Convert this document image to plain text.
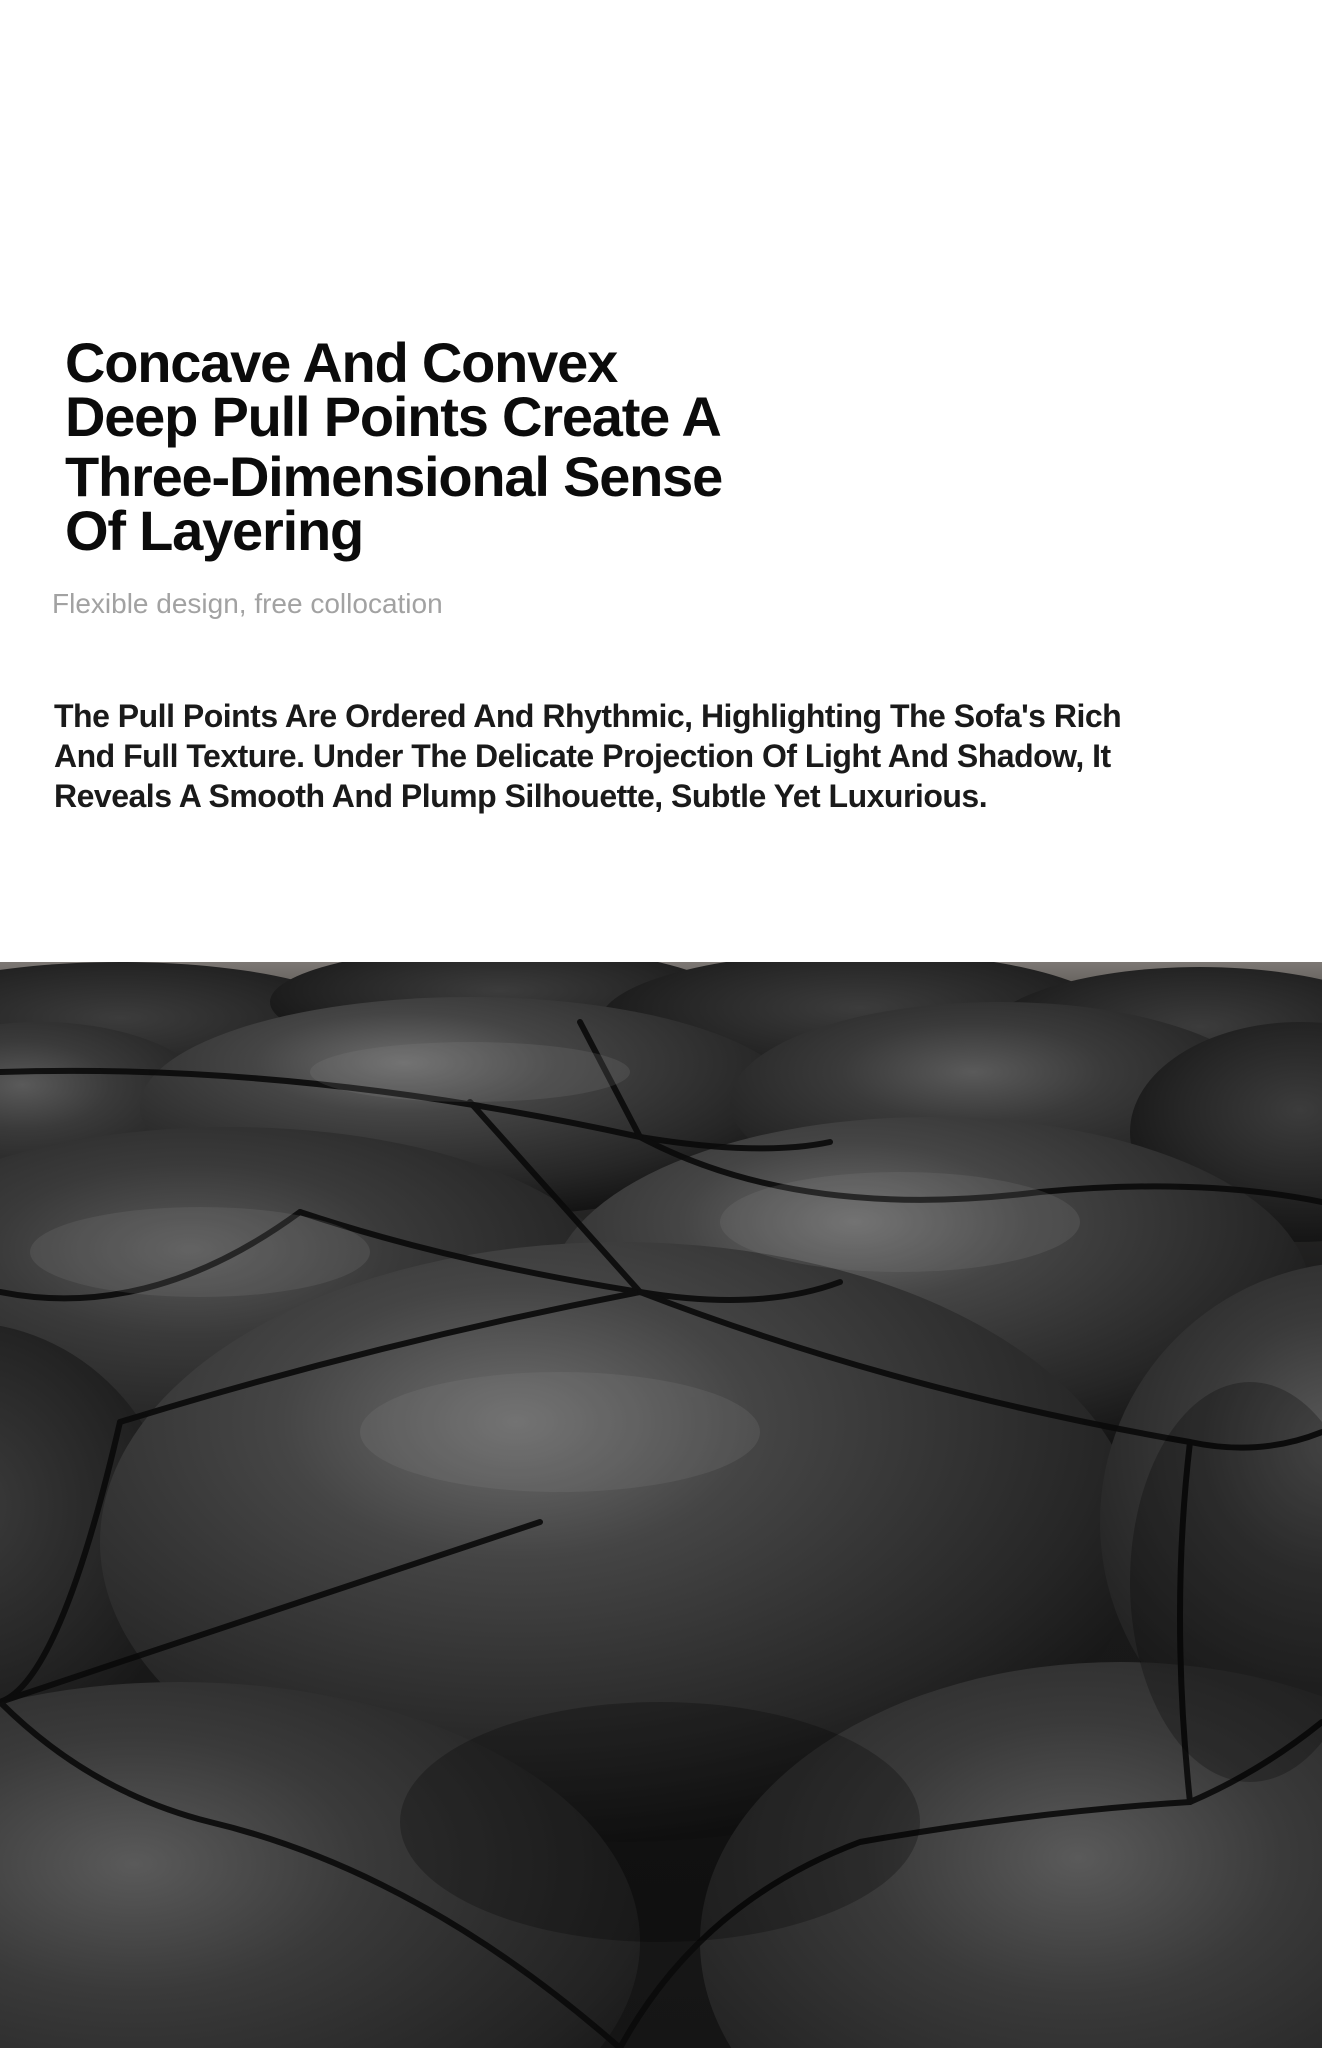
Concave And Convex
Deep Pull Points Create A
Three-Dimensional Sense
Of Layering
Flexible design, free collocation
The Pull Points Are Ordered And Rhythmic, Highlighting The Sofa's Rich
And Full Texture. Under The Delicate Projection Of Light And Shadow, It
Reveals A Smooth And Plump Silhouette, Subtle Yet Luxurious.
